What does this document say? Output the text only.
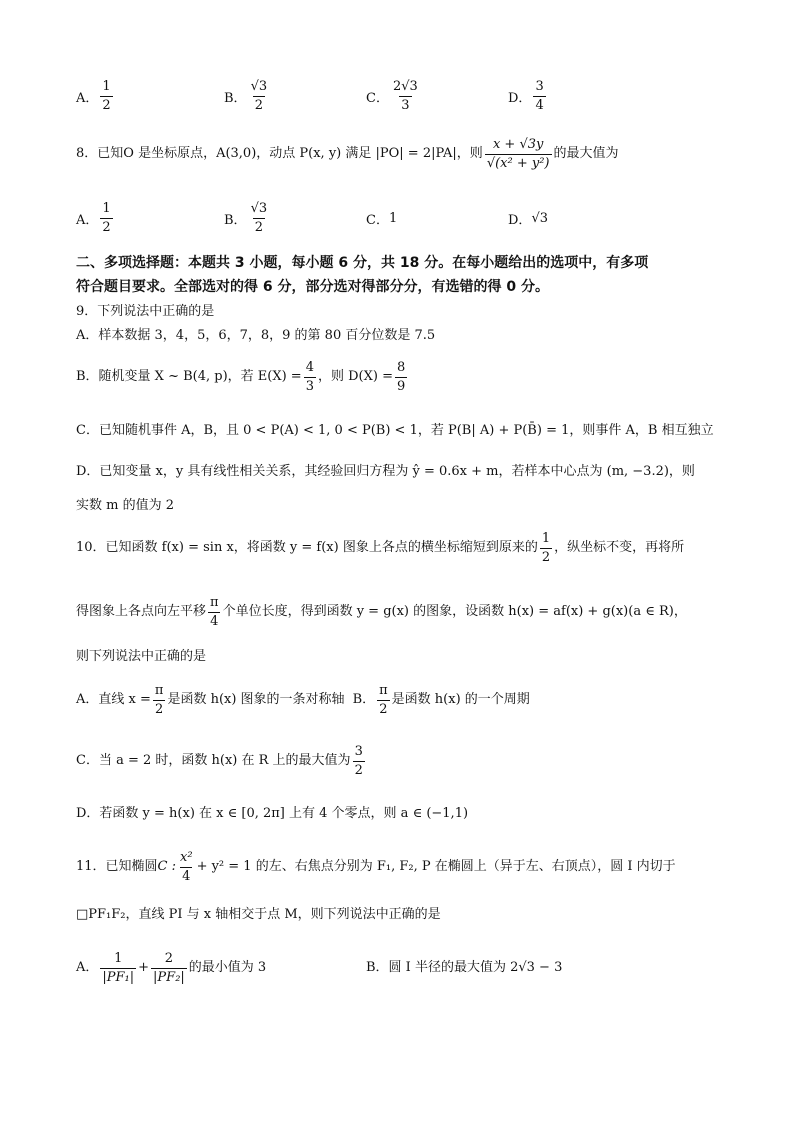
A． $\frac{1}{2}$	B． $\frac{√3}{2}$	C． $\frac{2√3}{3}$	D． $\frac{3}{4}$
8．已知 O 是坐标原点，A(3,0)，动点 P(x, y) 满足 |PO| = 2|PA|，则 $\frac{x + √3y}{\text{√(x² + y²)}}$ 的最大值为
A． $\frac{1}{2}$	B． $\frac{√3}{2}$	C． 1	D． √3
二、多项选择题：本题共 3 小题，每小题 6 分，共 18 分。在每小题给出的选项中，有多项
符合题目要求。全部选对的得 6 分，部分选对得部分分，有选错的得 0 分。
9．下列说法中正确的是
A．样本数据 3，4，5，6，7，8，9 的第 80 百分位数是 7.5
B．随机变量 X ~ B(4, p)，若 $E(X) = \frac{4}{3}$ ，则 $D(X) = \frac{8}{9}$
C．已知随机事件 A，B，且 0 < P(A) < 1, 0 < P(B) < 1，若 P(B| A) + P(B̄) = 1，则事件 A，B 相互独立
D．已知变量 x，y 具有线性相关关系，其经验回归方程为 ŷ = 0.6x + m，若样本中心点为 (m, −3.2)，则
实数 m 的值为 2
10．已知函数 f(x) = sin x，将函数 y = f(x) 图象上各点的横坐标缩短到原来的 $\frac{1}{2}$ ，纵坐标不变，再将所
得图象上各点向左平移 $\frac{\pi}{4}$ 个单位长度，得到函数 y = g(x) 的图象，设函数 h(x) = af(x) + g(x)(a ∈ R)，
则下列说法中正确的是
A．直线 $x = \frac{\pi}{2}$ 是函数 h(x) 图象的一条对称轴 B． $\frac{\pi}{2}$ 是函数 h(x) 的一个周期
C．当 a = 2 时，函数 h(x) 在 R 上的最大值为 $\frac{3}{2}$
D．若函数 y = h(x) 在 x ∈ [0, 2π] 上有 4 个零点，则 a ∈ (−1,1)
11．已知椭圆 C : $\frac{\text{x²}}{4} + y^2 = 1$ 的左、右焦点分别为 F₁, F₂, P 在椭圆上（异于左、右顶点），圆 I 内切于
□PF₁F₂，直线 PI 与 x 轴相交于点 M，则下列说法中正确的是
A． $\frac{1}{\text{|PF₁|}} + \frac{2}{\text{|PF₂|}}$ 的最小值为 3	B．圆 I 半径的最大值为 2√3 − 3
